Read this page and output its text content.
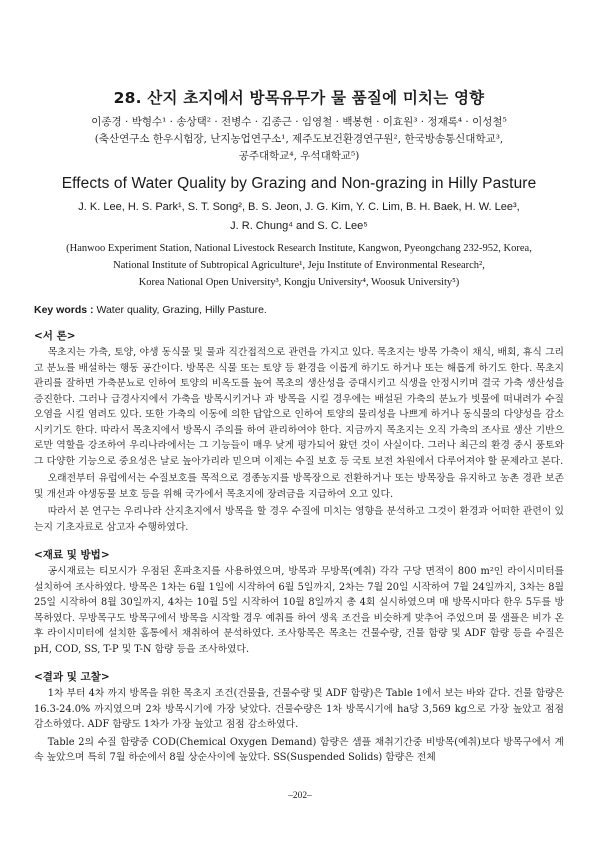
28. 산지 초지에서 방목유무가 물 품질에 미치는 영향
이종경 · 박형수¹ · 송상택² · 전병수 · 김종근 · 임영철 · 백봉현 · 이효원³ · 정재록⁴ · 이성철⁵
(축산연구소 한우시험장, 난지농업연구소¹, 제주도보건환경연구원², 한국방송통신대학교³,
공주대학교⁴, 우석대학교⁵)
Effects of Water Quality by Grazing and Non-grazing in Hilly Pasture
J. K. Lee, H. S. Park¹, S. T. Song², B. S. Jeon, J. G. Kim, Y. C. Lim, B. H. Baek, H. W. Lee³,
J. R. Chung⁴ and S. C. Lee⁵
(Hanwoo Experiment Station, National Livestock Research Institute, Kangwon, Pyeongchang 232-952, Korea,
National Institute of Subtropical Agriculture¹, Jeju Institute of Environmental Research²,
Korea National Open University³, Kongju University⁴, Woosuk University⁵)
Key words : Water quality, Grazing, Hilly Pasture.
<서 론>

목초지는 가축, 토양, 야생 동식물 및 물과 직간접적으로 관련을 가지고 있다. 목초지는 방목 가축이 채식, 배회, 휴식 그리고 분뇨를 배설하는 행동 공간이다. 방목은 식물 또는 토양 등 환경을 이롭게 하기도 하거나 또는 해롭게 하기도 한다. 목초지 관리를 잘하면 가축분뇨로 인하여 토양의 비옥도를 높여 목초의 생산성을 증대시키고 식생을 안정시키며 결국 가축 생산성을 증진한다. 그러나 급경사지에서 가축을 방목시키거나 과 방목을 시킬 경우에는 배설된 가축의 분뇨가 빗물에 떠내려가 수질 오염을 시킬 염려도 있다. 또한 가축의 이동에 의한 답압으로 인하여 토양의 물리성을 나쁘게 하거나 동식물의 다양성을 감소시키기도 한다. 따라서 목초지에서 방목시 주의를 하여 관리하여야 한다. 지금까지 목초지는 오직 가축의 조사료 생산 기반으로만 역할을 강조하여 우리나라에서는 그 기능들이 매우 낮게 평가되어 왔던 것이 사실이다. 그러나 최근의 환경 중시 풍토와 그 다양한 기능으로 중요성은 날로 높아가리라 믿으며 이제는 수질 보호 등 국토 보전 차원에서 다루어져야 할 문제라고 본다.

오래전부터 유럽에서는 수질보호를 목적으로 경종농지를 방목장으로 전환하거나 또는 방목장을 유지하고 농촌 경관 보존 및 개선과 야생동물 보호 등을 위해 국가에서 목초지에 장려금을 지급하여 오고 있다.

따라서 본 연구는 우리나라 산지초지에서 방목을 할 경우 수질에 미치는 영향을 분석하고 그것이 환경과 어떠한 관련이 있는지 기초자료로 삼고자 수행하였다.

<재료 및 방법>

공시재료는 티모시가 우점된 혼파초지를 사용하였으며, 방목과 무방목(예취) 각각 구당 면적이 800 m²인 라이시미터를 설치하여 조사하였다. 방목은 1차는 6월 1일에 시작하여 6월 5일까지, 2차는 7월 20일 시작하여 7월 24일까지, 3차는 8월 25일 시작하여 8월 30일까지, 4차는 10월 5일 시작하여 10월 8일까지 총 4회 실시하였으며 매 방목시마다 한우 5두를 방목하였다. 무방목구도 방목구에서 방목을 시작할 경우 예취를 하여 생육 조건을 비슷하게 맞추어 주었으며 물 샘플은 비가 온 후 라이시미터에 설치한 홈통에서 채취하여 분석하였다. 조사항목은 목초는 건물수량, 건물 함량 및 ADF 함량 등을 수질은 pH, COD, SS, T-P 및 T-N 함량 등을 조사하였다.

<결과 및 고찰>

1차 부터 4차 까지 방목을 위한 목초지 조건(건물율, 건물수량 및 ADF 함량)은 Table 1에서 보는 바와 같다. 건물 함량은 16.3-24.0% 까지였으며 2차 방목시기에 가장 낮았다. 건물수량은 1차 방목시기에 ha당 3,569 kg으로 가장 높았고 점점 감소하였다. ADF 함량도 1차가 가장 높았고 점점 감소하였다.

Table 2의 수질 함량중 COD(Chemical Oxygen Demand) 함량은 샘플 채취기간중 비방목(예취)보다 방목구에서 계속 높았으며 특히 7월 하순에서 8월 상순사이에 높았다. SS(Suspended Solids) 함량은 전체

–202–
